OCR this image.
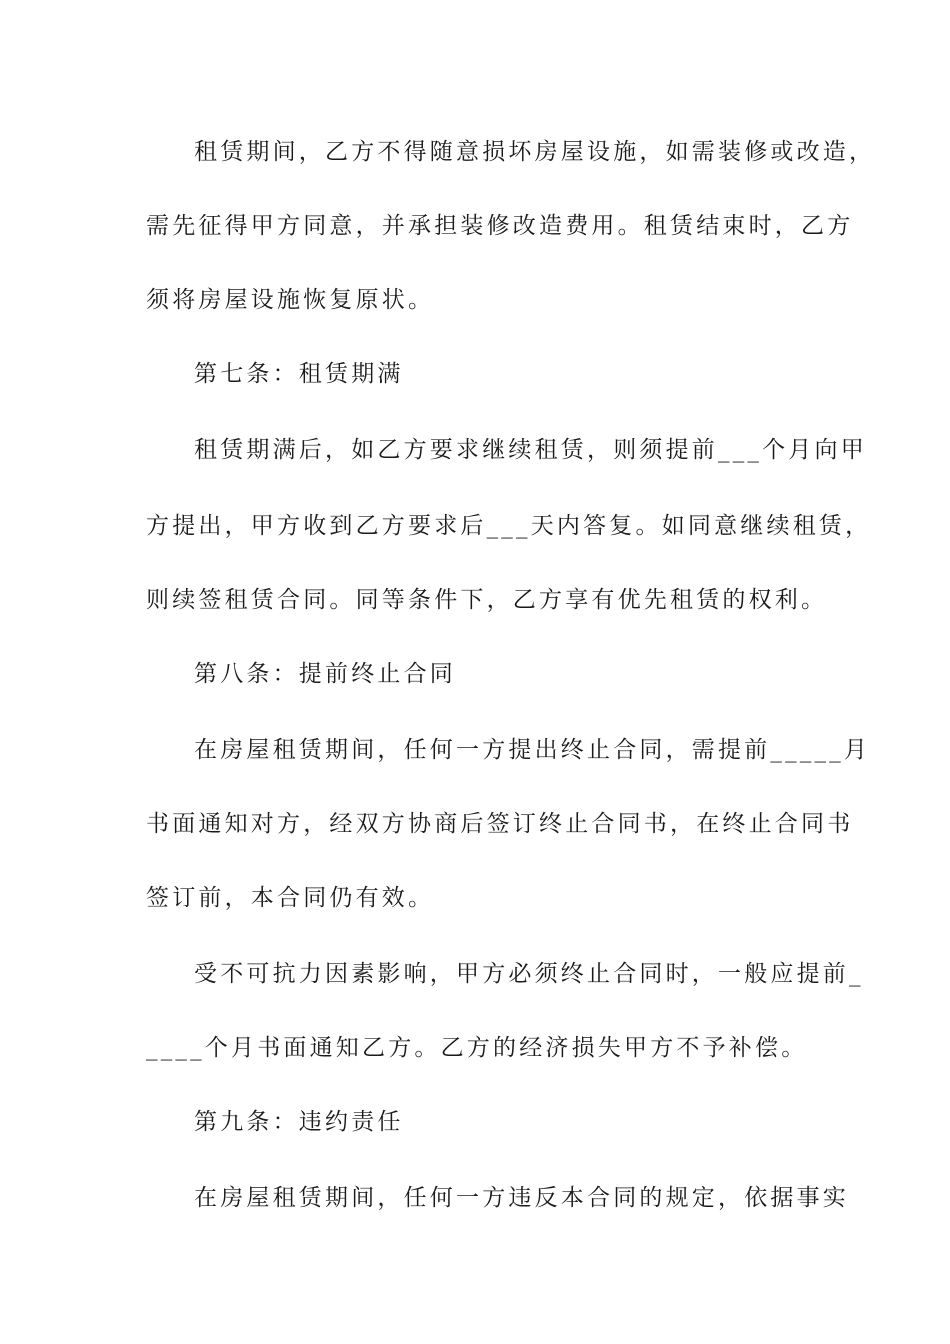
租赁期间，乙方不得随意损坏房屋设施，如需装修或改造，
需先征得甲方同意，并承担装修改造费用。租赁结束时，乙方
须将房屋设施恢复原状。
第七条：租赁期满
租赁期满后，如乙方要求继续租赁，则须提前___个月向甲
方提出，甲方收到乙方要求后___天内答复。如同意继续租赁，
则续签租赁合同。同等条件下，乙方享有优先租赁的权利。
第八条：提前终止合同
在房屋租赁期间，任何一方提出终止合同，需提前_____月
书面通知对方，经双方协商后签订终止合同书，在终止合同书
签订前，本合同仍有效。
受不可抗力因素影响，甲方必须终止合同时，一般应提前_
____个月书面通知乙方。乙方的经济损失甲方不予补偿。
第九条：违约责任
在房屋租赁期间，任何一方违反本合同的规定，依据事实
